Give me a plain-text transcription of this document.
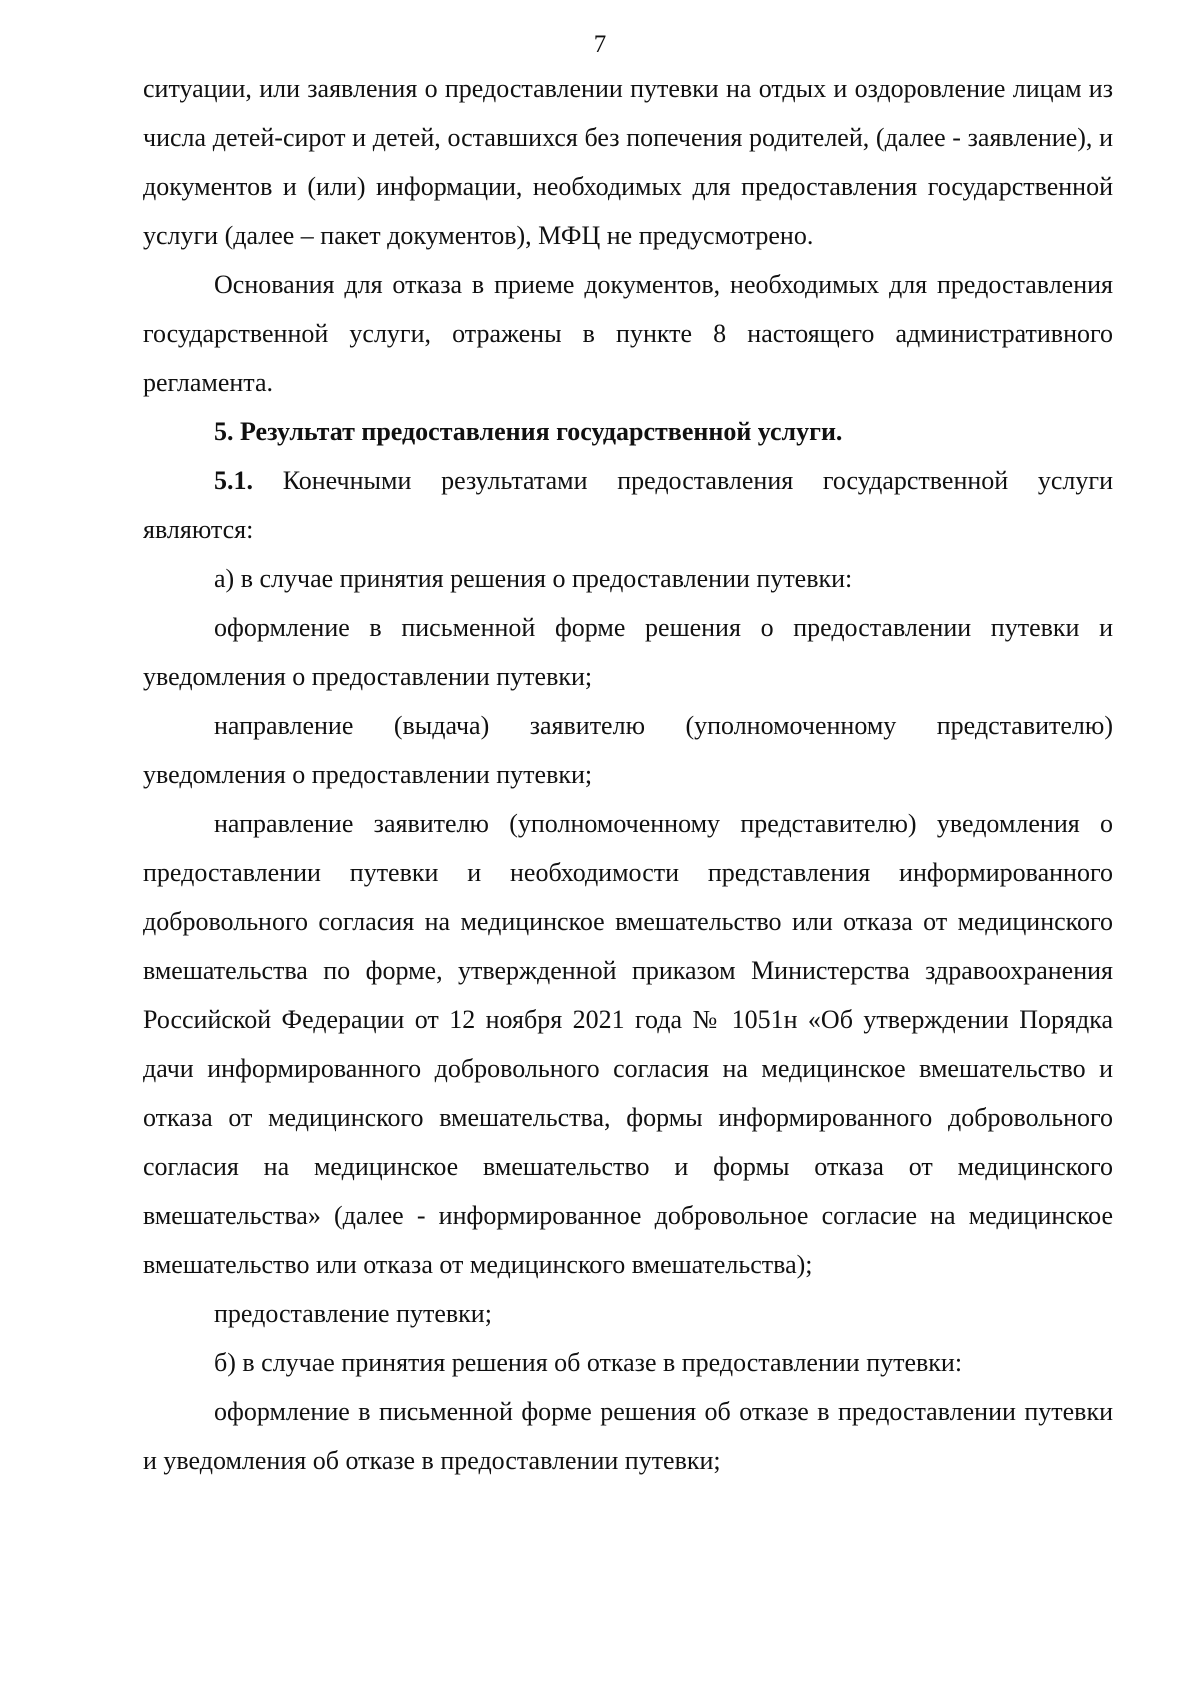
7

ситуации, или заявления о предоставлении путевки на отдых и оздоровление лицам из числа детей-сирот и детей, оставшихся без попечения родителей, (далее - заявление), и документов и (или) информации, необходимых для предоставления государственной услуги (далее – пакет документов), МФЦ не предусмотрено.

Основания для отказа в приеме документов, необходимых для предоставления государственной услуги, отражены в пункте 8 настоящего административного регламента.

5. Результат предоставления государственной услуги.

5.1. Конечными результатами предоставления государственной услуги являются:

а) в случае принятия решения о предоставлении путевки:

оформление в письменной форме решения о предоставлении путевки и уведомления о предоставлении путевки;

направление (выдача) заявителю (уполномоченному представителю) уведомления о предоставлении путевки;

направление заявителю (уполномоченному представителю) уведомления о предоставлении путевки и необходимости представления информированного добровольного согласия на медицинское вмешательство или отказа от медицинского вмешательства по форме, утвержденной приказом Министерства здравоохранения Российской Федерации от 12 ноября 2021 года № 1051н «Об утверждении Порядка дачи информированного добровольного согласия на медицинское вмешательство и отказа от медицинского вмешательства, формы информированного добровольного согласия на медицинское вмешательство и формы отказа от медицинского вмешательства» (далее - информированное добровольное согласие на медицинское вмешательство или отказа от медицинского вмешательства);

предоставление путевки;

б) в случае принятия решения об отказе в предоставлении путевки:

оформление в письменной форме решения об отказе в предоставлении путевки и уведомления об отказе в предоставлении путевки;
